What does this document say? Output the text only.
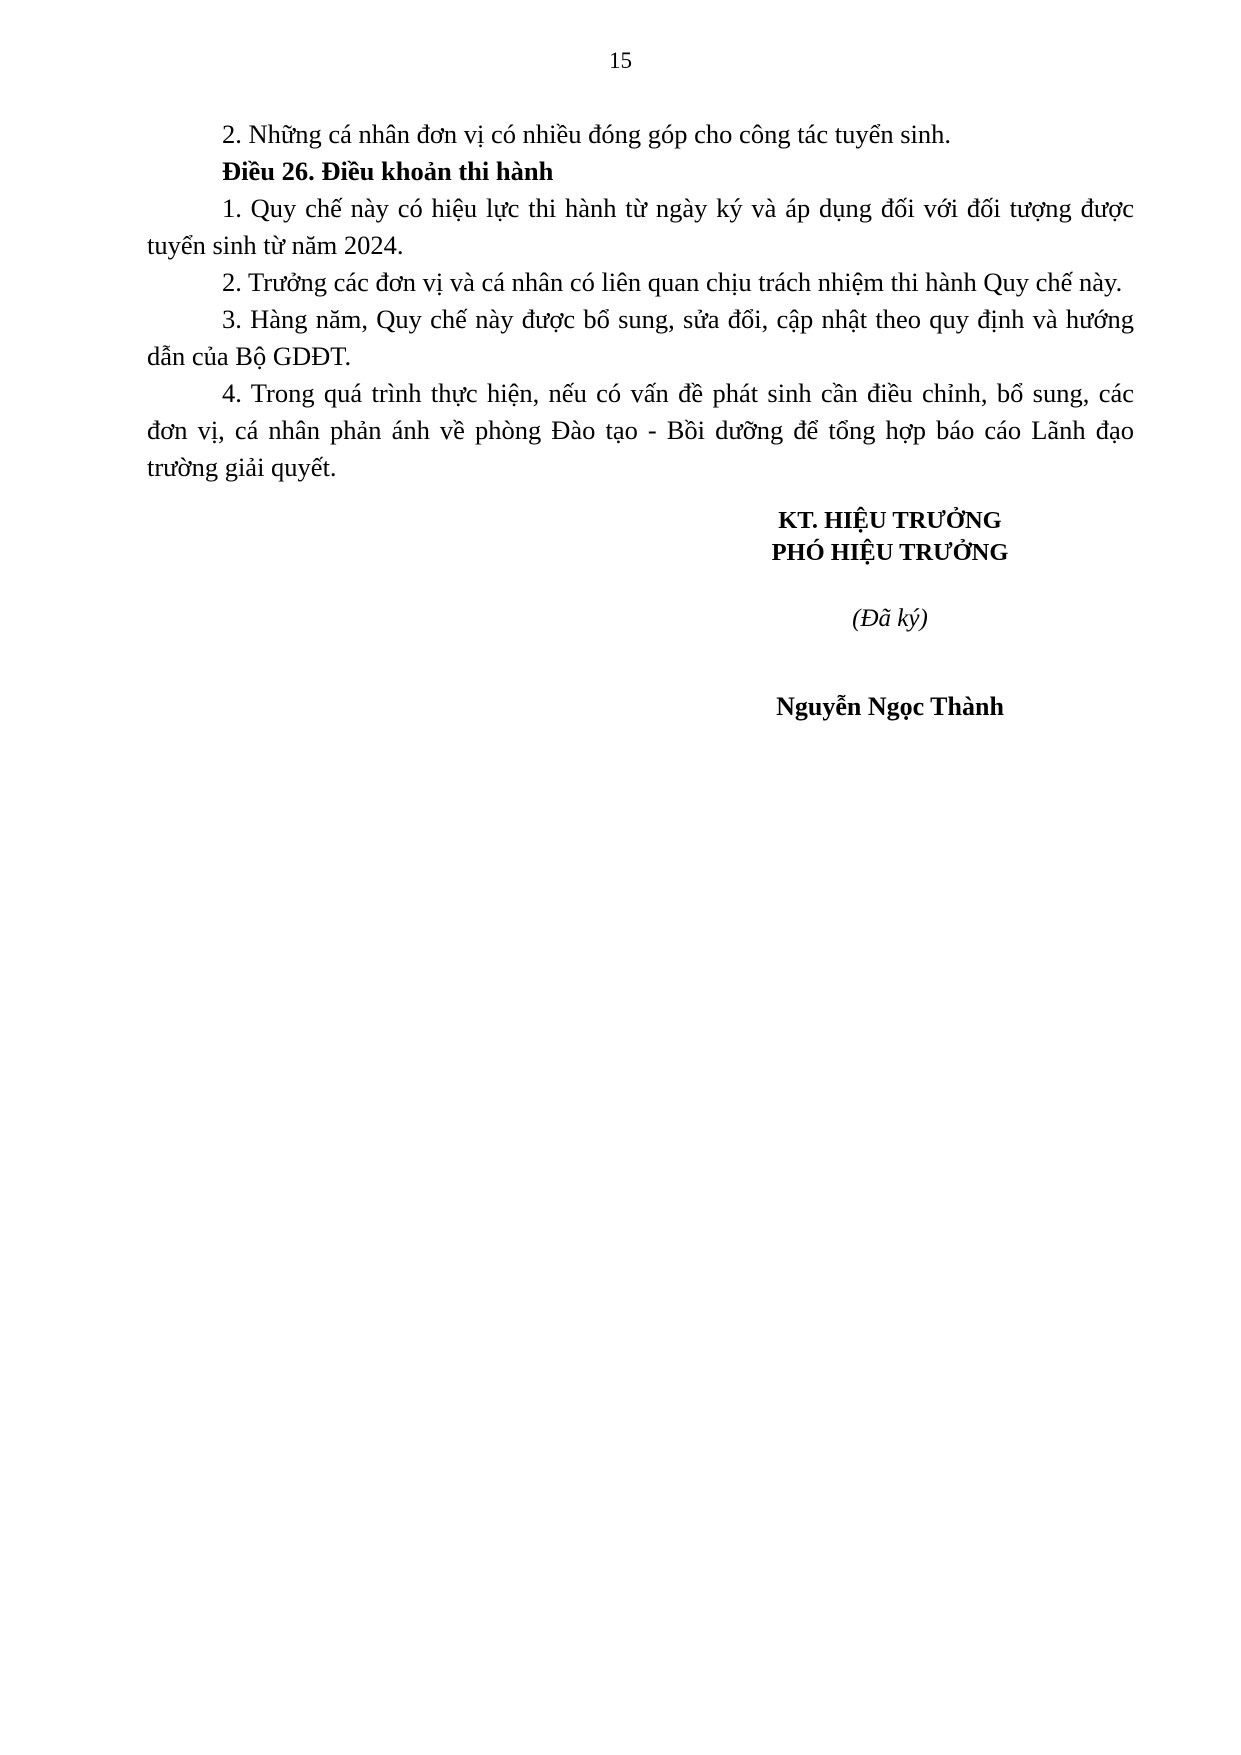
15

2. Những cá nhân đơn vị có nhiều đóng góp cho công tác tuyển sinh.

Điều 26. Điều khoản thi hành

1. Quy chế này có hiệu lực thi hành từ ngày ký và áp dụng đối với đối tượng được tuyển sinh từ năm 2024.

2. Trưởng các đơn vị và cá nhân có liên quan chịu trách nhiệm thi hành Quy chế này.

3. Hàng năm, Quy chế này được bổ sung, sửa đổi, cập nhật theo quy định và hướng dẫn của Bộ GDĐT.

4. Trong quá trình thực hiện, nếu có vấn đề phát sinh cần điều chỉnh, bổ sung, các đơn vị, cá nhân phản ánh về phòng Đào tạo - Bồi dưỡng để tổng hợp báo cáo Lãnh đạo trường giải quyết.

KT. HIỆU TRƯỞNG
PHÓ HIỆU TRƯỞNG
(Đã ký)
Nguyễn Ngọc Thành
